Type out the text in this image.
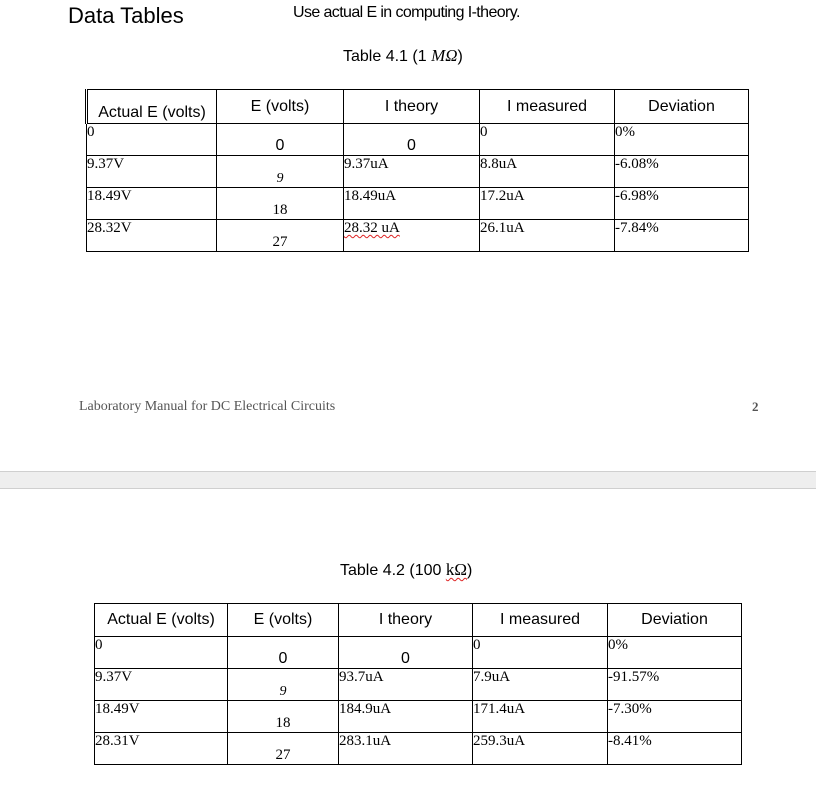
Data Tables	Use actual E in computing I-theory.
Table 4.1 (1 MΩ)
Actual E (volts)	E (volts)	I theory	I measured	Deviation
0	0	0	0	0%
9.37V	9	9.37uA	8.8uA	-6.08%
18.49V	18	18.49uA	17.2uA	-6.98%
28.32V	27	28.32 uA	26.1uA	-7.84%
Laboratory Manual for DC Electrical Circuits	2
Table 4.2 (100 kΩ)
Actual E (volts)	E (volts)	I theory	I measured	Deviation
0	0	0	0	0%
9.37V	9	93.7uA	7.9uA	-91.57%
18.49V	18	184.9uA	171.4uA	-7.30%
28.31V	27	283.1uA	259.3uA	-8.41%
